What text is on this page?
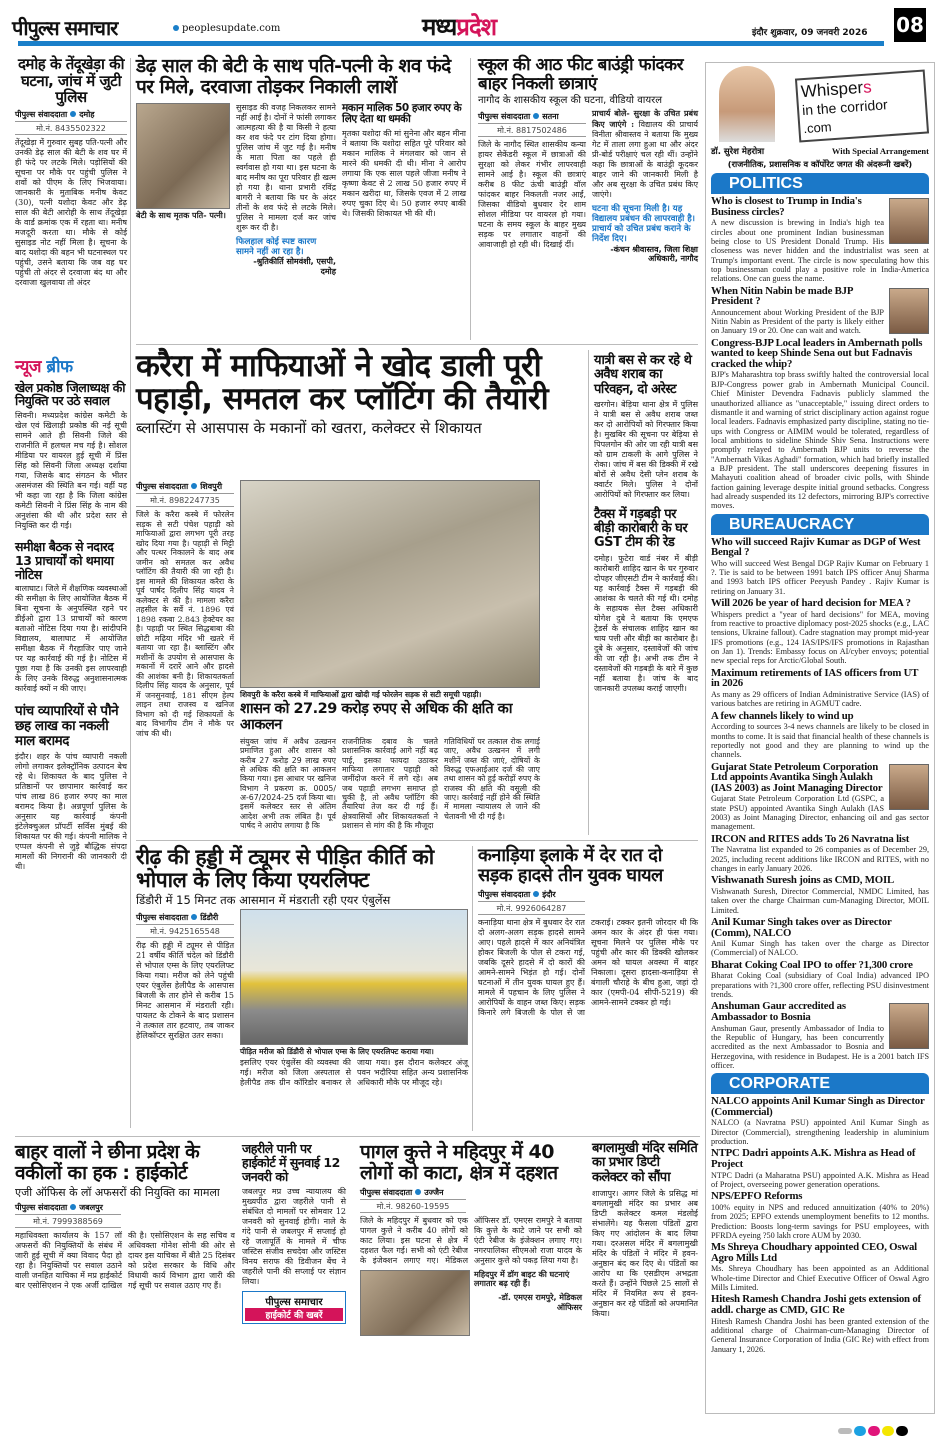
पीपुल्स समाचार	peoplesupdate.com	मध्यप्रदेश	इंदौर शुक्रवार, 09 जनवरी 2026 08
दमोह के तेंदूखेड़ा की घटना, जांच में जुटी पुलिस
पीपुल्स संवाददाता दमोह
मो.नं. 8435502322
तेंदूखेड़ा में गुरुवार सुबह पति-पत्नी और उनकी डेढ़ साल की बेटी के शव घर में ही फंदे पर लटके मिले। पड़ोसियों की सूचना पर मौके पर पहुंची पुलिस ने शवों को पीएम के लिए भिजवाया। जानकारी के मुताबिक मनीष केवट (30), पत्नी यशोदा केवट और डेढ़ साल की बेटी आरोही के साथ तेंदूखेड़ा के वार्ड क्रमांक एक में रहता था। मनीष मजदूरी करता था। मौके से कोई सुसाइड नोट नहीं मिला है। सूचना के बाद यशोदा की बहन भी घटनास्थल पर पहुंची, उसने बताया कि जब वह घर पहुंची तो अंदर से दरवाजा बंद था और दरवाजा खुलवाया तो अंदर
न्यूज ब्रीफ
खेल प्रकोष्ठ जिलाध्यक्ष की नियुक्ति पर उठे सवाल
सिवनी। मध्यप्रदेश कांग्रेस कमेटी के खेल एवं खिलाड़ी प्रकोष्ठ की नई सूची सामने आते ही सिवनी जिले की राजनीति में हलचल मच गई है। सोशल मीडिया पर वायरल हुई सूची में प्रिंस सिंह को सिवनी जिला अध्यक्ष दर्शाया गया, जिसके बाद संगठन के भीतर असमंजस की स्थिति बन गई। वहीं यह भी कहा जा रहा है कि जिला कांग्रेस कमेटी सिवनी ने प्रिंस सिंह के नाम की अनुशंसा की थी और प्रदेश स्तर से नियुक्ति कर दी गई।
समीक्षा बैठक से नदारद 13 प्राचार्यों को थमाया नोटिस
बालाघाट। जिले में शैक्षणिक व्यवस्थाओं की समीक्षा के लिए आयोजित बैठक में बिना सूचना के अनुपस्थित रहने पर डीईओ द्वारा 13 प्राचार्यों को कारण बताओ नोटिस दिया गया है। सांदीपनि विद्यालय, बालाघाट में आयोजित समीक्षा बैठक में गैरहाजिर पाए जाने पर यह कार्रवाई की गई है। नोटिस में पूछा गया है कि उनकी इस लापरवाही के लिए उनके विरुद्ध अनुशासनात्मक कार्रवाई क्यों न की जाए।
पांच व्यापारियों से पौने छह लाख का नकली माल बरामद
इंदौर। शहर के पांच व्यापारी नकली लोगो लगाकर इलेक्ट्रॉनिक उत्पादन बेच रहे थे। शिकायत के बाद पुलिस ने प्रतिष्ठानों पर छापामार कार्रवाई कर पांच लाख 86 हजार रुपए का माल बरामद किया है। अन्नपूर्णा पुलिस के अनुसार यह कार्रवाई कंपनी इंटेलेक्चुअल प्रॉपर्टी सर्विस मुंबई की शिकायत पर की गई। कंपनी मालिक ने एप्पल कंपनी से जुड़े बौद्धिक संपदा मामलों की निगरानी की जानकारी दी थी।
डेढ़ साल की बेटी के साथ पति-पत्नी के शव फंदे पर मिले, दरवाजा तोड़कर निकाली लाशें
बेटी के साथ मृतक पति- पत्नी।
सुसाइड की वजह निकलकर सामने नहीं आई है। दोनों ने फांसी लगाकर आत्महत्या की है या किसी ने हत्या कर शव फंदे पर टांग दिया होगा। पुलिस जांच में जुट गई है। मनीष के माता पिता का पहले ही स्वर्गवास हो गया था। इस घटना के बाद मनीष का पूरा परिवार ही खत्म हो गया है। थाना प्रभारी रविंद्र बागरी ने बताया कि घर के अंदर तीनों के शव फंदे से लटके मिले। पुलिस ने मामला दर्ज कर जांच शुरू कर दी है।
फिलहाल कोई स्पष्ट कारण सामने नहीं आ रहा है।
-श्रुतिकीर्ति सोमवंशी, एसपी, दमोह
मकान मालिक 50 हजार रुपए के लिए देता था धमकी
मृतका यशोदा की मां सुनेना और बहन मीना ने बताया कि यशोदा सहित पूरे परिवार को मकान मालिक ने मंगलवार को जान से मारने की धमकी दी थी। मीना ने आरोप लगाया कि एक साल पहले जीजा मनीष ने कृष्णा केवट से 2 लाख 50 हजार रुपए में मकान खरीदा था, जिसके एवज में 2 लाख रुपए चुका दिए थे। 50 हजार रुपए बाकी थे। जिसकी शिकायत भी की थी।
स्कूल की आठ फीट बाउंड्री फांदकर बाहर निकली छात्राएं
नागौद के शासकीय स्कूल की घटना, वीडियो वायरल
पीपुल्स संवाददाता सतना
मो.नं. 8817502486
जिले के नागौद स्थित शासकीय कन्या हायर सेकेंडरी स्कूल में छात्राओं की सुरक्षा को लेकर गंभीर लापरवाही सामने आई है। स्कूल की छात्राएं करीब 8 फीट ऊंची बाउंड्री वॉल फांदकर बाहर निकलती नजर आईं, जिसका वीडियो बुधवार देर शाम सोशल मीडिया पर वायरल हो गया। घटना के समय स्कूल के बाहर मुख्य सड़क पर लगातार वाहनों की आवाजाही हो रही थी। दिखाई दीं।
प्राचार्य बोले- सुरक्षा के उचित प्रबंध किए जाएंगे : विद्यालय की प्राचार्य विनीता श्रीवास्तव ने बताया कि मुख्य गेट में ताला लगा हुआ था और अंदर प्री-बोर्ड परीक्षाएं चल रही थीं। उन्होंने कहा कि छात्राओं के बाउंड्री कूदकर बाहर जाने की जानकारी मिली है और अब सुरक्षा के उचित प्रबंध किए जाएंगे।
घटना की सूचना मिली है। यह विद्यालय प्रबंधन की लापरवाही है। प्राचार्य को उचित प्रबंध कराने के निर्देश दिए।
-कंचन श्रीवास्तव, जिला शिक्षा अधिकारी, नागौद
करैरा में माफियाओं ने खोद डाली पूरी पहाड़ी, समतल कर प्लॉटिंग की तैयारी
ब्लास्टिंग से आसपास के मकानों को खतरा, कलेक्टर से शिकायत
पीपुल्स संवाददाता शिवपुरी
मो.नं. 8982247735
जिले के करैरा कस्बे में फोरलेन सड़क से सटी पंचेश पहाड़ी को माफियाओं द्वारा लगभग पूरी तरह खोद दिया गया है। पहाड़ी से मिट्टी और पत्थर निकालने के बाद अब जमीन को समतल कर अवैध प्लॉटिंग की तैयारी की जा रही है। इस मामले की शिकायत करैरा के पूर्व पार्षद दिलीप सिंह यादव ने कलेक्टर से की है। मामला करैरा तहसील के सर्वे नं. 1896 एवं 1898 रकबा 2.843 हेक्टेयर का है। पहाड़ी पर स्थित सिद्धबाबा की छोटी मढ़िया मंदिर भी खतरे में बताया जा रहा है। ब्लास्टिंग और मशीनों के उपयोग से आसपास के मकानों में दरारें आने और हादसे की आशंका बनी है। शिकायतकर्ता दिलीप सिंह यादव के अनुसार, पूर्व में जनसुनवाई, 181 सीएम हेल्प लाइन तथा राजस्व व खनिज विभाग को दी गई शिकायतों के बाद विभागीय टीम ने मौके पर जांच की थी।
शिवपुरी के करैरा कस्बे में माफियाओं द्वारा खोदी गई फोरलेन सड़क से सटी समूची पहाड़ी।
शासन को 27.29 करोड़ रुपए से अधिक की क्षति का आकलन
संयुक्त जांच में अवैध उत्खनन प्रमाणित हुआ और शासन को करीब 27 करोड़ 29 लाख रुपए से अधिक की क्षति का आकलन किया गया। इस आधार पर खनिज विभाग ने प्रकरण क्र. 0005/अ-67/2024-25 दर्ज किया था। इसमें कलेक्टर स्तर से अंतिम आदेश अभी तक लंबित है। पूर्व पार्षद ने आरोप लगाया है कि
राजनीतिक दबाव के चलते प्रशासनिक कार्रवाई आगे नहीं बढ़ पाई, इसका फायदा उठाकर माफिया लगातार पहाड़ी को जमींदोज करने में लगे रहे। अब जब पहाड़ी लगभग समाप्त हो चुकी है, तो अवैध प्लॉटिंग की तैयारियां तेज कर दी गई हैं। क्षेत्रवासियों और शिकायतकर्ता ने प्रशासन से मांग की है कि मौजूदा
गतिविधियों पर तत्काल रोक लगाई जाए, अवैध उत्खनन में लगी मशीनें जब्त की जाएं, दोषियों के विरुद्ध एफआईआर दर्ज की जाए तथा शासन को हुई करोड़ों रुपए के राजस्व की क्षति की वसूली की जाए। कार्रवाई नहीं होने की स्थिति में मामला न्यायालय ले जाने की चेतावनी भी दी गई है।
यात्री बस से कर रहे थे अवैध शराब का परिवहन, दो अरेस्ट
खरगोन। बेड़िया थाना क्षेत्र में पुलिस ने यात्री बस से अवैध शराब जब्त कर दो आरोपियों को गिरफ्तार किया है। मुखबिर की सूचना पर बेड़िया से पिपलगोन की ओर जा रही यात्री बस को ग्राम टाकली के आगे पुलिस ने रोका। जांच में बस की डिक्की में रखे बोरों से अवैध देसी प्लेन शराब के क्वार्टर मिले। पुलिस ने दोनों आरोपियों को गिरफ्तार कर लिया।
टैक्स में गड़बड़ी पर बीड़ी कारोबारी के घर GST टीम की रेड
दमोह। फुटेरा वार्ड नंबर में बीड़ी कारोबारी शाहिद खान के घर गुरुवार दोपहर जीएसटी टीम ने कार्रवाई की। यह कार्रवाई टैक्स में गड़बड़ी की आशंका के चलते की गई थी। दमोह के सहायक सेल टैक्स अधिकारी योगेश दुबे ने बताया कि एमएफ ट्रेडर्स के संचालक शाहिद खान का चाय पत्ती और बीड़ी का कारोबार है। दुबे के अनुसार, दस्तावेजों की जांच की जा रही है। अभी तक टीम ने दस्तावेजों की गड़बड़ी के बारे में कुछ नहीं बताया है। जांच के बाद जानकारी उपलब्ध कराई जाएगी।
रीढ़ की हड्डी में ट्यूमर से पीड़ित कीर्ति को भोपाल के लिए किया एयरलिफ्ट
डिंडौरी में 15 मिनट तक आसमान में मंडराती रही एयर एंबुलेंस
पीपुल्स संवाददाता डिंडौरी
मो.नं. 9425165548
रीढ़ की हड्डी में ट्यूमर से पीड़ित 21 वर्षीय कीर्ति चंदेल को डिंडौरी से भोपाल एम्स के लिए एयरलिफ्ट किया गया। मरीज को लेने पहुंची एयर एंबुलेंस हेलीपैड के आसपास बिजली के तार होने से करीब 15 मिनट आसमान में मंडराती रही। पायलट के टोकने के बाद प्रशासन ने तत्काल तार हटवाए, तब जाकर हेलिकॉप्टर सुरक्षित उतर सका।
पीड़ित मरीज को डिंडौरी से भोपाल एम्स के लिए एयरलिफ्ट कराया गया।
इसलिए एयर एंबुलेंस की व्यवस्था की गई। मरीज को जिला अस्पताल से हेलीपैड तक ग्रीन कॉरिडोर बनाकर ले जाया गया। इस दौरान कलेक्टर अंजू पवन भदौरिया सहित अन्य प्रशासनिक अधिकारी मौके पर मौजूद रहे।
कनाड़िया इलाके में देर रात दो सड़क हादसे तीन युवक घायल
पीपुल्स संवाददाता इंदौर
मो.नं. 9926064287
कनाड़िया थाना क्षेत्र में बुधवार देर रात दो अलग-अलग सड़क हादसे सामने आए। पहले हादसे में कार अनियंत्रित होकर बिजली के पोल से टकरा गई, जबकि दूसरे हादसे में दो कारों की आमने-सामने भिड़ंत हो गई। दोनों घटनाओं में तीन युवक घायल हुए हैं। मामले में पहचान के लिए पुलिस ने आरोपियों के वाहन जब्त किए। सड़क किनारे लगे बिजली के पोल से जा टकराई। टक्कर इतनी जोरदार थी कि अमन कार के अंदर ही फंस गया। सूचना मिलने पर पुलिस मौके पर पहुंची और कार की डिक्की खोलकर अमन को घायल अवस्था में बाहर निकाला। दूसरा हादसा-कनाड़िया से बंगाली चौराहे के बीच हुआ, जहां दो कार (एमपी-04 सीपी-5219) की आमने-सामने टक्कर हो गई।
बाहर वालों ने छीना प्रदेश के वकीलों का हक : हाईकोर्ट
एजी ऑफिस के लॉ अफसरों की नियुक्ति का मामला
पीपुल्स संवाददाता जबलपुर
मो.नं. 7999388569
महाधिवक्ता कार्यालय के 157 लॉ अफसरों की नियुक्तियों के संबंध में जारी हुई सूची में क्या विवाद पैदा हो रहा है। नियुक्तियों पर सवाल उठाने वाली जनहित याचिका में मप्र हाईकोर्ट बार एसोसिएशन ने एक अर्जी दाखिल की है। एसोसिएशन के सह सचिव व अधिवक्ता गोनेश सोनी की ओर से दायर इस याचिका में बीते 25 दिसंबर को प्रदेश सरकार के विधि और विधायी कार्य विभाग द्वारा जारी की गई सूची पर सवाल उठाए गए हैं।
जहरीले पानी पर हाईकोर्ट में सुनवाई 12 जनवरी को
जबलपुर मप्र उच्च न्यायालय की मुख्यपीठ द्वारा जहरीले पानी से संबंधित दो मामलों पर सोमवार 12 जनवरी को सुनवाई होगी। नाले के गंदे पानी से जबलपुर में सप्लाई हो रहे जलापूर्ति के मामले में चीफ जस्टिस संजीव सचदेवा और जस्टिस विनय सराफ की डिवीजन बेंच ने जहरीले पानी की सप्लाई पर संज्ञान लिया।
पीपुल्स समाचार
हाईकोर्ट की खबरें
पागल कुत्ते ने महिदपुर में 40 लोगों को काटा, क्षेत्र में दहशत
पीपुल्स संवाददाता उज्जैन
मो.नं. 98260-19595
जिले के महिदपुर में बुधवार को एक पागल कुत्ते ने करीब 40 लोगों को काट लिया। इस घटना से क्षेत्र में दहशत फैल गई। सभी को एंटी रेबीज के इंजेक्शन लगाए गए। मेडिकल ऑफिसर डॉ. एमएस रामपुरे ने बताया कि कुत्ते के काटे जाने पर सभी को एंटी रेबीज के इंजेक्शन लगाए गए। नगरपालिका सीएमओ राजा यादव के अनुसार कुत्ते को पकड़ लिया गया है।
महिदपुर में डॉग बाइट की घटनाएं लगातार बढ़ रही हैं।
-डॉ. एमएस रामपुरे, मेडिकल ऑफिसर
बगलामुखी मंदिर समिति का प्रभार डिप्टी कलेक्टर को सौंपा
शाजापुर। आगर जिले के प्रसिद्ध मां बगलामुखी मंदिर का प्रभार अब डिप्टी कलेक्टर कमल मंडलोई संभालेंगे। यह फैसला पंडितों द्वारा किए गए आंदोलन के बाद लिया गया। दरअसल मंदिर में बगलामुखी मंदिर के पंडितों ने मंदिर में हवन-अनुष्ठान बंद कर दिए थे। पंडितों का आरोप था कि एसडीएम अभद्रता करते हैं। उन्होंने पिछले 25 सालों से मंदिर में नियमित रूप से हवन-अनुष्ठान कर रहे पंडितों को अपमानित किया।
Whispers
in the corridor
.com
डॉ. सुरेश मेहरोत्रा	With Special Arrangement
(राजनीतिक, प्रशासनिक व कॉर्पोरेट जगत की अंदरूनी खबरें)
POLITICS
Who is closest to Trump in India's Business circles?
A new discussion is brewing in India's high tea circles about one prominent Indian businessman being close to US President Donald Trump. His closeness was never hidden and the industrialist was seen at Trump's important event. The circle is now speculating how this top businessman could play a positive role in India-America relations. One can guess the name.
When Nitin Nabin be made BJP President ?
Announcement about Working President of the BJP Nitin Nabin as President of the party is likely either on January 19 or 20. One can wait and watch.
Congress-BJP Local leaders in Ambernath polls wanted to keep Shinde Sena out but Fadnavis cracked the whip?
BJP's Maharashtra top brass swiftly halted the controversial local BJP-Congress power grab in Ambernath Municipal Council. Chief Minister Devendra Fadnavis publicly slammed the unauthorized alliance as "unacceptable," issuing direct orders to dismantle it and warning of strict disciplinary action against rogue local leaders. Fadnavis emphasized party discipline, stating no tie-ups with Congress or AIMIM would be tolerated, regardless of local ambitions to sideline Shinde Shiv Sena. Instructions were promptly relayed to Ambernath BJP units to reverse the "Ambernath Vikas Aghadi" formation, which had briefly installed a BJP president. The stall underscores deepening fissures in Mahayuti coalition ahead of broader civic polls, with Shinde faction gaining leverage despite initial ground setbacks. Congress had already suspended its 12 defectors, mirroring BJP's corrective moves.
BUREAUCRACY
Who will succeed Rajiv Kumar as DGP of West Bengal ?
Who will succeed West Bengal DGP Rajiv Kumar on February 1 ?. Tie is said to be between 1991 batch IPS officer Anuj Sharma and 1993 batch IPS officer Peeyush Pandey . Rajiv Kumar is retiring on January 31.
Will 2026 be year of hard decision for MEA ?
Whispers predict a "year of hard decisions" for MEA, moving from reactive to proactive diplomacy post-2025 shocks (e.g., LAC tensions, Ukraine fallout). Cadre stagnation may prompt mid-year IFS promotions (e.g., 124 IAS/IPS/IFS promotions in Rajasthan on Jan 1). Trends: Embassy focus on AI/cyber envoys; potential new special reps for Arctic/Global South.
Maximum retirements of IAS officers from UT in 2026
As many as 29 officers of Indian Administrative Service (IAS) of various batches are retiring in AGMUT cadre.
A few channels likely to wind up
According to sources 3-4 news channels are likely to be closed in months to come. It is said that financial health of these channels is reportedly not good and they are planning to wind up the channels.
Gujarat State Petroleum Corporation Ltd appoints Avantika Singh Aulakh (IAS 2003) as Joint Managing Director
Gujarat State Petroleum Corporation Ltd (GSPC, a state PSU) appointed Avantika Singh Aulakh (IAS 2003) as Joint Managing Director, enhancing oil and gas sector management.
IRCON and RITES adds To 26 Navratna list
The Navratna list expanded to 26 companies as of December 29, 2025, including recent additions like IRCON and RITES, with no changes in early January 2026.
Vishwanath Suresh joins as CMD, MOIL
Vishwanath Suresh, Director Commercial, NMDC Limited, has taken over the charge Chairman cum-Managing Director, MOIL Limited.
Anil Kumar Singh takes over as Director (Comm), NALCO
Anil Kumar Singh has taken over the charge as Director (Commercial) of NALCO.
Bharat Coking Coal IPO to offer ?1,300 crore
Bharat Coking Coal (subsidiary of Coal India) advanced IPO preparations with ?1,300 crore offer, reflecting PSU disinvestment trends.
Anshuman Gaur accredited as Ambassador to Bosnia
Anshuman Gaur, presently Ambassador of India to the Republic of Hungary, has been concurrently accredited as the next Ambassador to Bosnia and Herzegovina, with residence in Budapest. He is a 2001 batch IFS officer.
CORPORATE
NALCO appoints Anil Kumar Singh as Director (Commercial)
NALCO (a Navratna PSU) appointed Anil Kumar Singh as Director (Commercial), strengthening leadership in aluminium production.
NTPC Dadri appoints A.K. Mishra as Head of Project
NTPC Dadri (a Maharatna PSU) appointed A.K. Mishra as Head of Project, overseeing power generation operations.
NPS/EPFO Reforms
100% equity in NPS and reduced annuitization (40% to 20%) from 2025; EPFO extends unemployment benefits to 12 months. Prediction: Boosts long-term savings for PSU employees, with PFRDA eyeing ?50 lakh crore AUM by 2030.
Ms Shreya Choudhary appointed CEO, Oswal Agro Mills Ltd
Ms. Shreya Choudhary has been appointed as an Additional Whole-time Director and Chief Executive Officer of Oswal Agro Mills Limited.
Hitesh Ramesh Chandra Joshi gets extension of addl. charge as CMD, GIC Re
Hitesh Ramesh Chandra Joshi has been granted extension of the additional charge of Chairman-cum-Managing Director of General Insurance Corporation of India (GIC Re) with effect from January 1, 2026.
